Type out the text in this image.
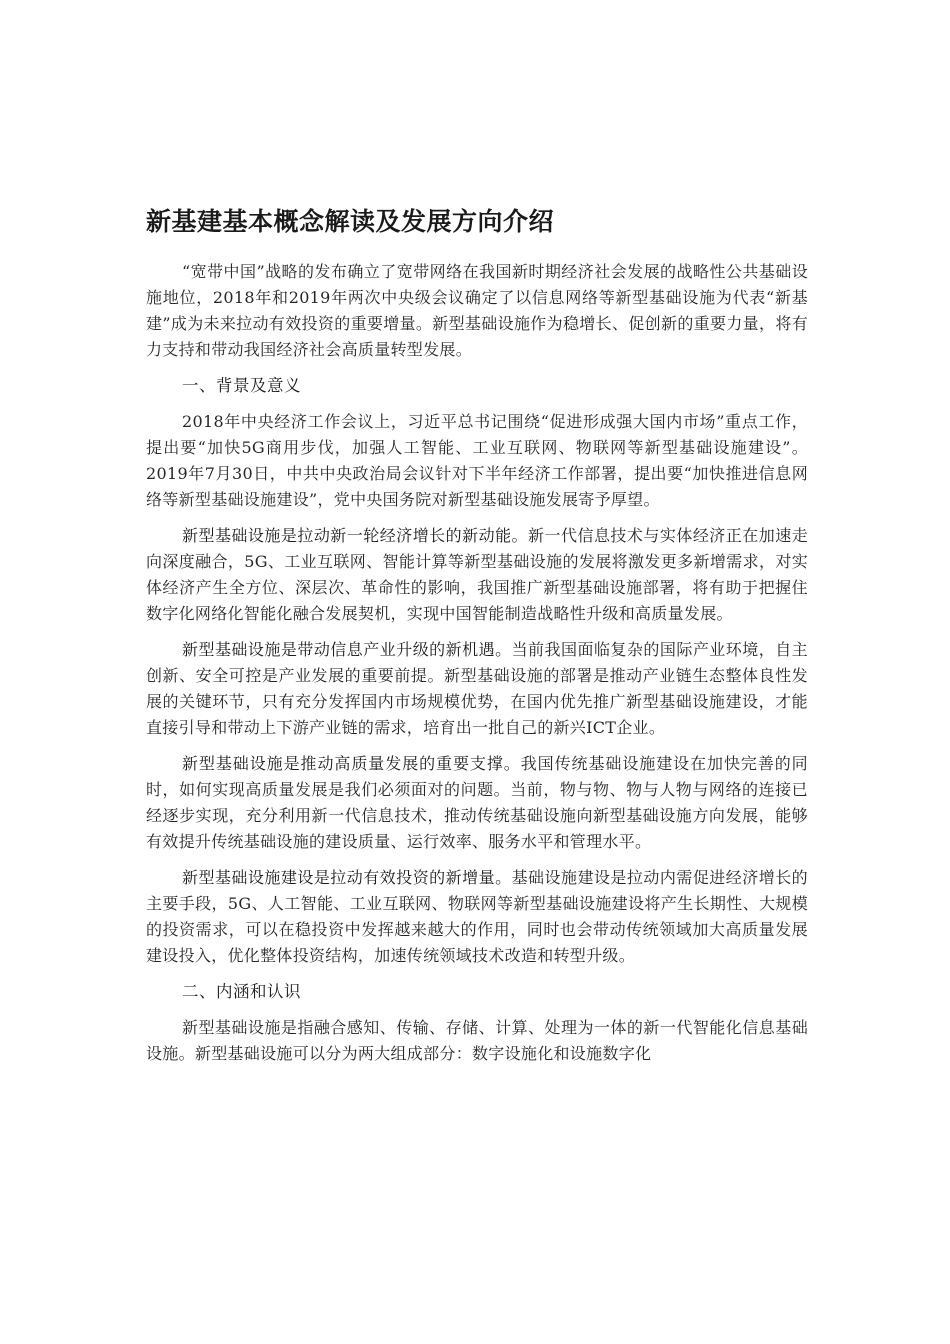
新基建基本概念解读及发展方向介绍

“宽带中国”战略的发布确立了宽带网络在我国新时期经济社会发展的战略性公共基础设施地位，2018年和2019年两次中央级会议确定了以信息网络等新型基础设施为代表“新基建”成为未来拉动有效投资的重要增量。新型基础设施作为稳增长、促创新的重要力量，将有力支持和带动我国经济社会高质量转型发展。

一、背景及意义

2018年中央经济工作会议上，习近平总书记围绕“促进形成强大国内市场”重点工作，提出要“加快5G商用步伐，加强人工智能、工业互联网、物联网等新型基础设施建设”。2019年7月30日，中共中央政治局会议针对下半年经济工作部署，提出要“加快推进信息网络等新型基础设施建设”，党中央国务院对新型基础设施发展寄予厚望。

新型基础设施是拉动新一轮经济增长的新动能。新一代信息技术与实体经济正在加速走向深度融合，5G、工业互联网、智能计算等新型基础设施的发展将激发更多新增需求，对实体经济产生全方位、深层次、革命性的影响，我国推广新型基础设施部署，将有助于把握住数字化网络化智能化融合发展契机，实现中国智能制造战略性升级和高质量发展。

新型基础设施是带动信息产业升级的新机遇。当前我国面临复杂的国际产业环境，自主创新、安全可控是产业发展的重要前提。新型基础设施的部署是推动产业链生态整体良性发展的关键环节，只有充分发挥国内市场规模优势，在国内优先推广新型基础设施建设，才能直接引导和带动上下游产业链的需求，培育出一批自己的新兴ICT企业。

新型基础设施是推动高质量发展的重要支撑。我国传统基础设施建设在加快完善的同时，如何实现高质量发展是我们必须面对的问题。当前，物与物、物与人物与网络的连接已经逐步实现，充分利用新一代信息技术，推动传统基础设施向新型基础设施方向发展，能够有效提升传统基础设施的建设质量、运行效率、服务水平和管理水平。

新型基础设施建设是拉动有效投资的新增量。基础设施建设是拉动内需促进经济增长的主要手段，5G、人工智能、工业互联网、物联网等新型基础设施建设将产生长期性、大规模的投资需求，可以在稳投资中发挥越来越大的作用，同时也会带动传统领域加大高质量发展建设投入，优化整体投资结构，加速传统领域技术改造和转型升级。

二、内涵和认识

新型基础设施是指融合感知、传输、存储、计算、处理为一体的新一代智能化信息基础设施。新型基础设施可以分为两大组成部分：数字设施化和设施数字化
